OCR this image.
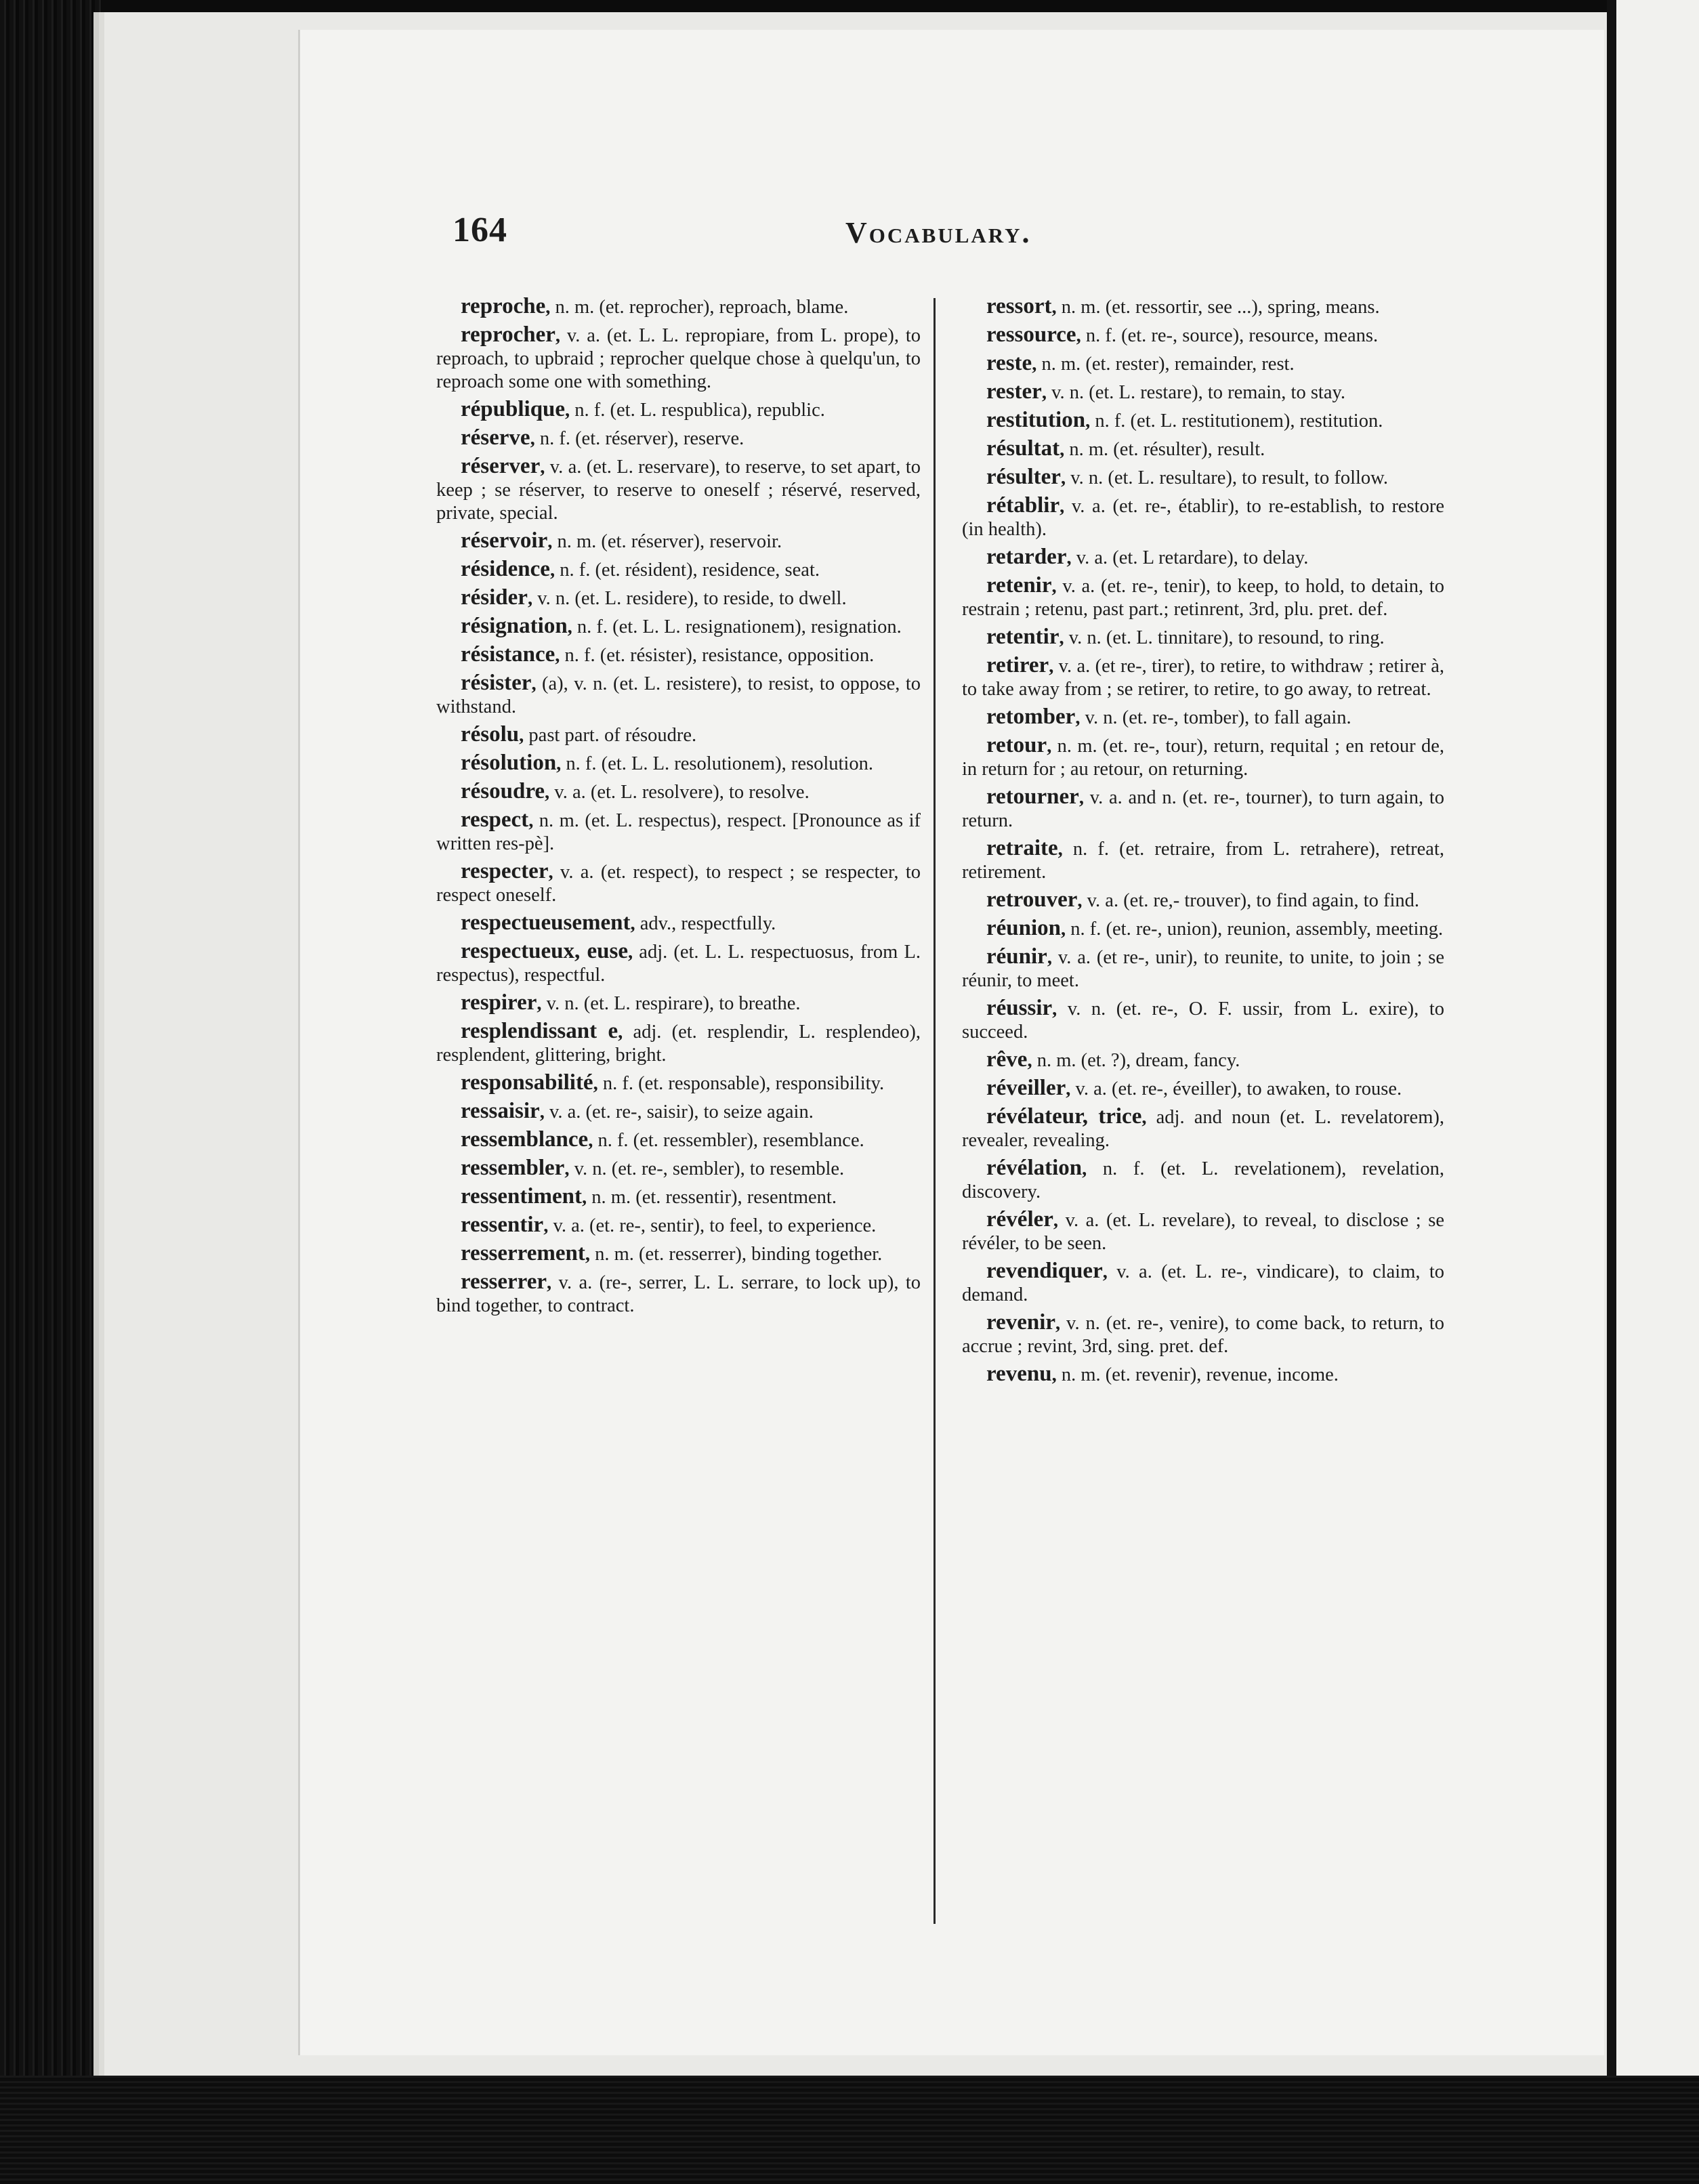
164	Vocabulary.

reproche, n. m. (et. reprocher), reproach, blame.

reprocher, v. a. (et. L. L. repropiare, from L. prope), to reproach, to upbraid ; reprocher quelque chose à quelqu'un, to reproach some one with something.

république, n. f. (et. L. respublica), republic.

réserve, n. f. (et. réserver), reserve.

réserver, v. a. (et. L. reservare), to reserve, to set apart, to keep ; se réserver, to reserve to oneself ; réservé, reserved, private, special.

réservoir, n. m. (et. réserver), reservoir.

résidence, n. f. (et. résident), residence, seat.

résider, v. n. (et. L. residere), to reside, to dwell.

résignation, n. f. (et. L. L. resignationem), resignation.

résistance, n. f. (et. résister), resistance, opposition.

résister, (a), v. n. (et. L. resistere), to resist, to oppose, to withstand.

résolu, past part. of résoudre.

résolution, n. f. (et. L. L. resolutionem), resolution.

résoudre, v. a. (et. L. resolvere), to resolve.

respect, n. m. (et. L. respectus), respect. [Pronounce as if written res-pè].

respecter, v. a. (et. respect), to respect ; se respecter, to respect oneself.

respectueusement, adv., respectfully.

respectueux, euse, adj. (et. L. L. respectuosus, from L. respectus), respectful.

respirer, v. n. (et. L. respirare), to breathe.

resplendissant e, adj. (et. resplendir, L. resplendeo), resplendent, glittering, bright.

responsabilité, n. f. (et. responsable), responsibility.

ressaisir, v. a. (et. re-, saisir), to seize again.

ressemblance, n. f. (et. ressembler), resemblance.

ressembler, v. n. (et. re-, sembler), to resemble.

ressentiment, n. m. (et. ressentir), resentment.

ressentir, v. a. (et. re-, sentir), to feel, to experience.

resserrement, n. m. (et. resserrer), binding together.

resserrer, v. a. (re-, serrer, L. L. serrare, to lock up), to bind together, to contract.

ressort, n. m. (et. ressortir, see ...), spring, means.

ressource, n. f. (et. re-, source), resource, means.

reste, n. m. (et. rester), remainder, rest.

rester, v. n. (et. L. restare), to remain, to stay.

restitution, n. f. (et. L. restitutionem), restitution.

résultat, n. m. (et. résulter), result.

résulter, v. n. (et. L. resultare), to result, to follow.

rétablir, v. a. (et. re-, établir), to re-establish, to restore (in health).

retarder, v. a. (et. L retardare), to delay.

retenir, v. a. (et. re-, tenir), to keep, to hold, to detain, to restrain ; retenu, past part.; retinrent, 3rd, plu. pret. def.

retentir, v. n. (et. L. tinnitare), to resound, to ring.

retirer, v. a. (et re-, tirer), to retire, to withdraw ; retirer à, to take away from ; se retirer, to retire, to go away, to retreat.

retomber, v. n. (et. re-, tomber), to fall again.

retour, n. m. (et. re-, tour), return, requital ; en retour de, in return for ; au retour, on returning.

retourner, v. a. and n. (et. re-, tourner), to turn again, to return.

retraite, n. f. (et. retraire, from L. retrahere), retreat, retirement.

retrouver, v. a. (et. re,- trouver), to find again, to find.

réunion, n. f. (et. re-, union), reunion, assembly, meeting.

réunir, v. a. (et re-, unir), to reunite, to unite, to join ; se réunir, to meet.

réussir, v. n. (et. re-, O. F. ussir, from L. exire), to succeed.

rêve, n. m. (et. ?), dream, fancy.

réveiller, v. a. (et. re-, éveiller), to awaken, to rouse.

révélateur, trice, adj. and noun (et. L. revelatorem), revealer, revealing.

révélation, n. f. (et. L. revelationem), revelation, discovery.

révéler, v. a. (et. L. revelare), to reveal, to disclose ; se révéler, to be seen.

revendiquer, v. a. (et. L. re-, vindicare), to claim, to demand.

revenir, v. n. (et. re-, venire), to come back, to return, to accrue ; revint, 3rd, sing. pret. def.

revenu, n. m. (et. revenir), revenue, income.
